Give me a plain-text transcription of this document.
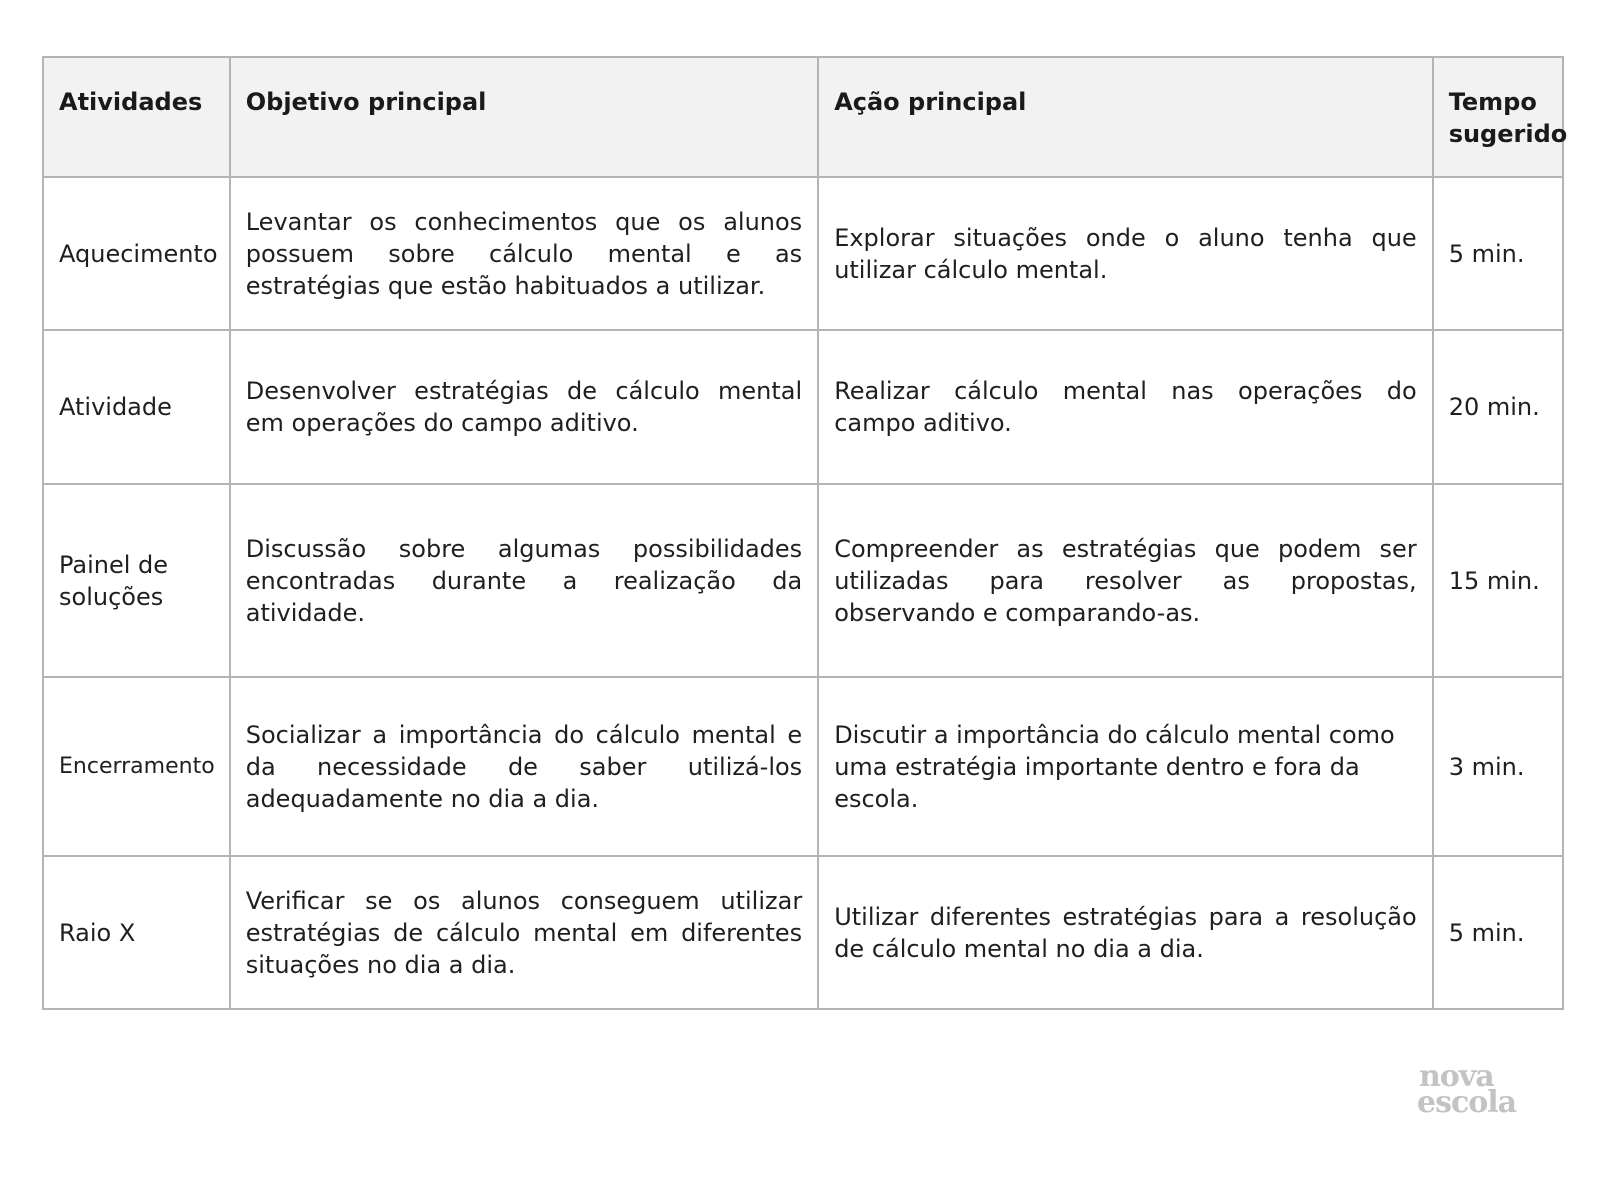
Atividades	Objetivo principal	Ação principal	Tempo sugerido
Aquecimento	Levantar os conhecimentos que os alunos possuem sobre cálculo mental e as estratégias que estão habituados a utilizar.	Explorar situações onde o aluno tenha que utilizar cálculo mental.	5 min.
Atividade	Desenvolver estratégias de cálculo mental em operações do campo aditivo.	Realizar cálculo mental nas operações do campo aditivo.	20 min.
Painel de soluções	Discussão sobre algumas possibilidades encontradas durante a realização da atividade.	Compreender as estratégias que podem ser utilizadas para resolver as propostas, observando e comparando-as.	15 min.
Encerramento	Socializar a importância do cálculo mental e da necessidade de saber utilizá-los adequadamente no dia a dia.	Discutir a importância do cálculo mental como uma estratégia importante dentro e fora da escola.	3 min.
Raio X	Verificar se os alunos conseguem utilizar estratégias de cálculo mental em diferentes situações no dia a dia.	Utilizar diferentes estratégias para a resolução de cálculo mental no dia a dia.	5 min.
nova
escola
